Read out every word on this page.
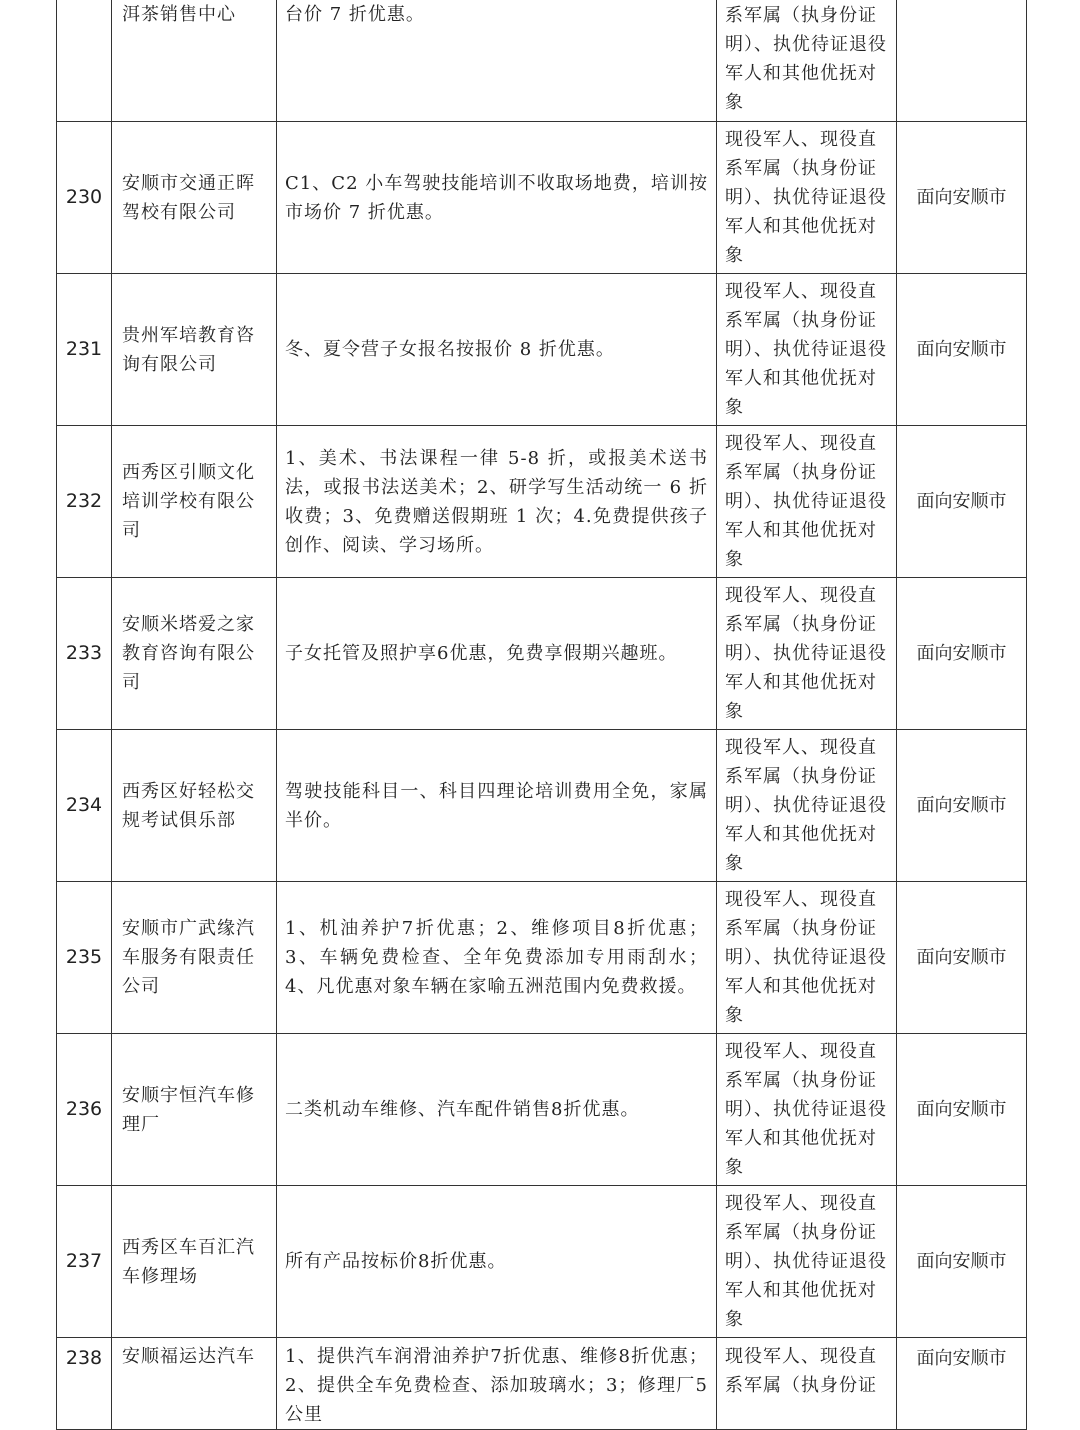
	洱茶销售中心	台价 7 折优惠。	系军属（执身份证明）、执优待证退役军人和其他优抚对象	
230	安顺市交通正晖驾校有限公司	C1、C2 小车驾驶技能培训不收取场地费，培训按市场价 7 折优惠。	现役军人、现役直系军属（执身份证明）、执优待证退役军人和其他优抚对象	面向安顺市
231	贵州军培教育咨询有限公司	冬、夏令营子女报名按报价 8 折优惠。	现役军人、现役直系军属（执身份证明）、执优待证退役军人和其他优抚对象	面向安顺市
232	西秀区引顺文化培训学校有限公司	1、美术、书法课程一律 5-8 折，或报美术送书法，或报书法送美术；2、研学写生活动统一 6 折收费；3、免费赠送假期班 1 次；4.免费提供孩子创作、阅读、学习场所。	现役军人、现役直系军属（执身份证明）、执优待证退役军人和其他优抚对象	面向安顺市
233	安顺米塔爱之家教育咨询有限公司	子女托管及照护享6优惠，免费享假期兴趣班。	现役军人、现役直系军属（执身份证明）、执优待证退役军人和其他优抚对象	面向安顺市
234	西秀区好轻松交规考试俱乐部	驾驶技能科目一、科目四理论培训费用全免，家属半价。	现役军人、现役直系军属（执身份证明）、执优待证退役军人和其他优抚对象	面向安顺市
235	安顺市广武缘汽车服务有限责任公司	1、机油养护7折优惠；2、维修项目8折优惠；3、车辆免费检查、全年免费添加专用雨刮水；4、凡优惠对象车辆在家喻五洲范围内免费救援。	现役军人、现役直系军属（执身份证明）、执优待证退役军人和其他优抚对象	面向安顺市
236	安顺宇恒汽车修理厂	二类机动车维修、汽车配件销售8折优惠。	现役军人、现役直系军属（执身份证明）、执优待证退役军人和其他优抚对象	面向安顺市
237	西秀区车百汇汽车修理场	所有产品按标价8折优惠。	现役军人、现役直系军属（执身份证明）、执优待证退役军人和其他优抚对象	面向安顺市
238	安顺福运达汽车	1、提供汽车润滑油养护7折优惠、维修8折优惠；2、提供全车免费检查、添加玻璃水；3；修理厂5公里	现役军人、现役直系军属（执身份证	面向安顺市
